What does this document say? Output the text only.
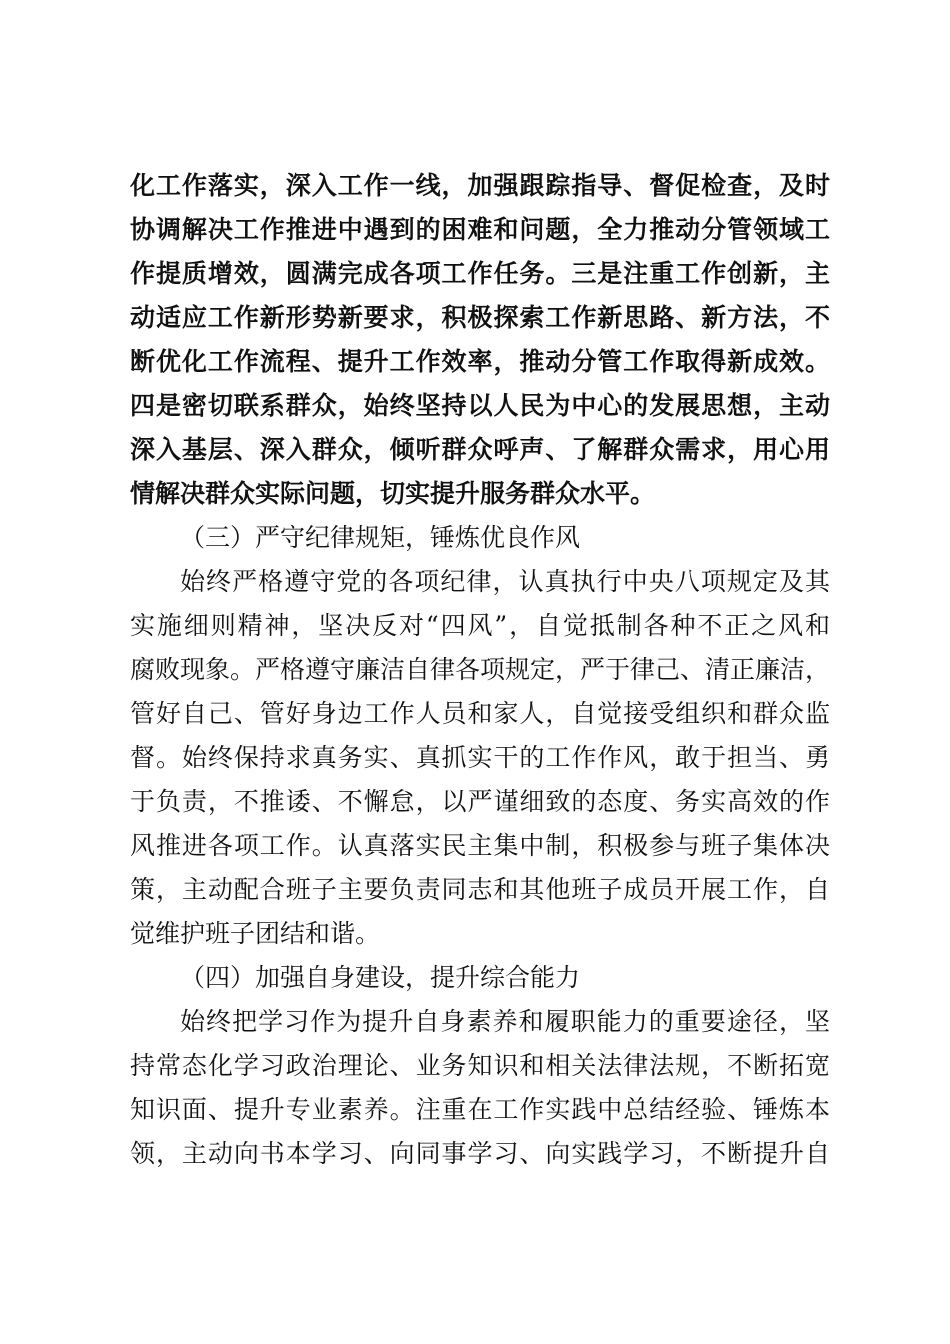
化工作落实，深入工作一线，加强跟踪指导、督促检查，及时
协调解决工作推进中遇到的困难和问题，全力推动分管领域工
作提质增效，圆满完成各项工作任务。三是注重工作创新，主
动适应工作新形势新要求，积极探索工作新思路、新方法，不
断优化工作流程、提升工作效率，推动分管工作取得新成效。
四是密切联系群众，始终坚持以人民为中心的发展思想，主动
深入基层、深入群众，倾听群众呼声、了解群众需求，用心用
情解决群众实际问题，切实提升服务群众水平。
（三）严守纪律规矩，锤炼优良作风
始终严格遵守党的各项纪律，认真执行中央八项规定及其
实施细则精神，坚决反对“四风”，自觉抵制各种不正之风和
腐败现象。严格遵守廉洁自律各项规定，严于律己、清正廉洁，
管好自己、管好身边工作人员和家人，自觉接受组织和群众监
督。始终保持求真务实、真抓实干的工作作风，敢于担当、勇
于负责，不推诿、不懈怠，以严谨细致的态度、务实高效的作
风推进各项工作。认真落实民主集中制，积极参与班子集体决
策，主动配合班子主要负责同志和其他班子成员开展工作，自
觉维护班子团结和谐。
（四）加强自身建设，提升综合能力
始终把学习作为提升自身素养和履职能力的重要途径，坚
持常态化学习政治理论、业务知识和相关法律法规，不断拓宽
知识面、提升专业素养。注重在工作实践中总结经验、锤炼本
领，主动向书本学习、向同事学习、向实践学习，不断提升自
